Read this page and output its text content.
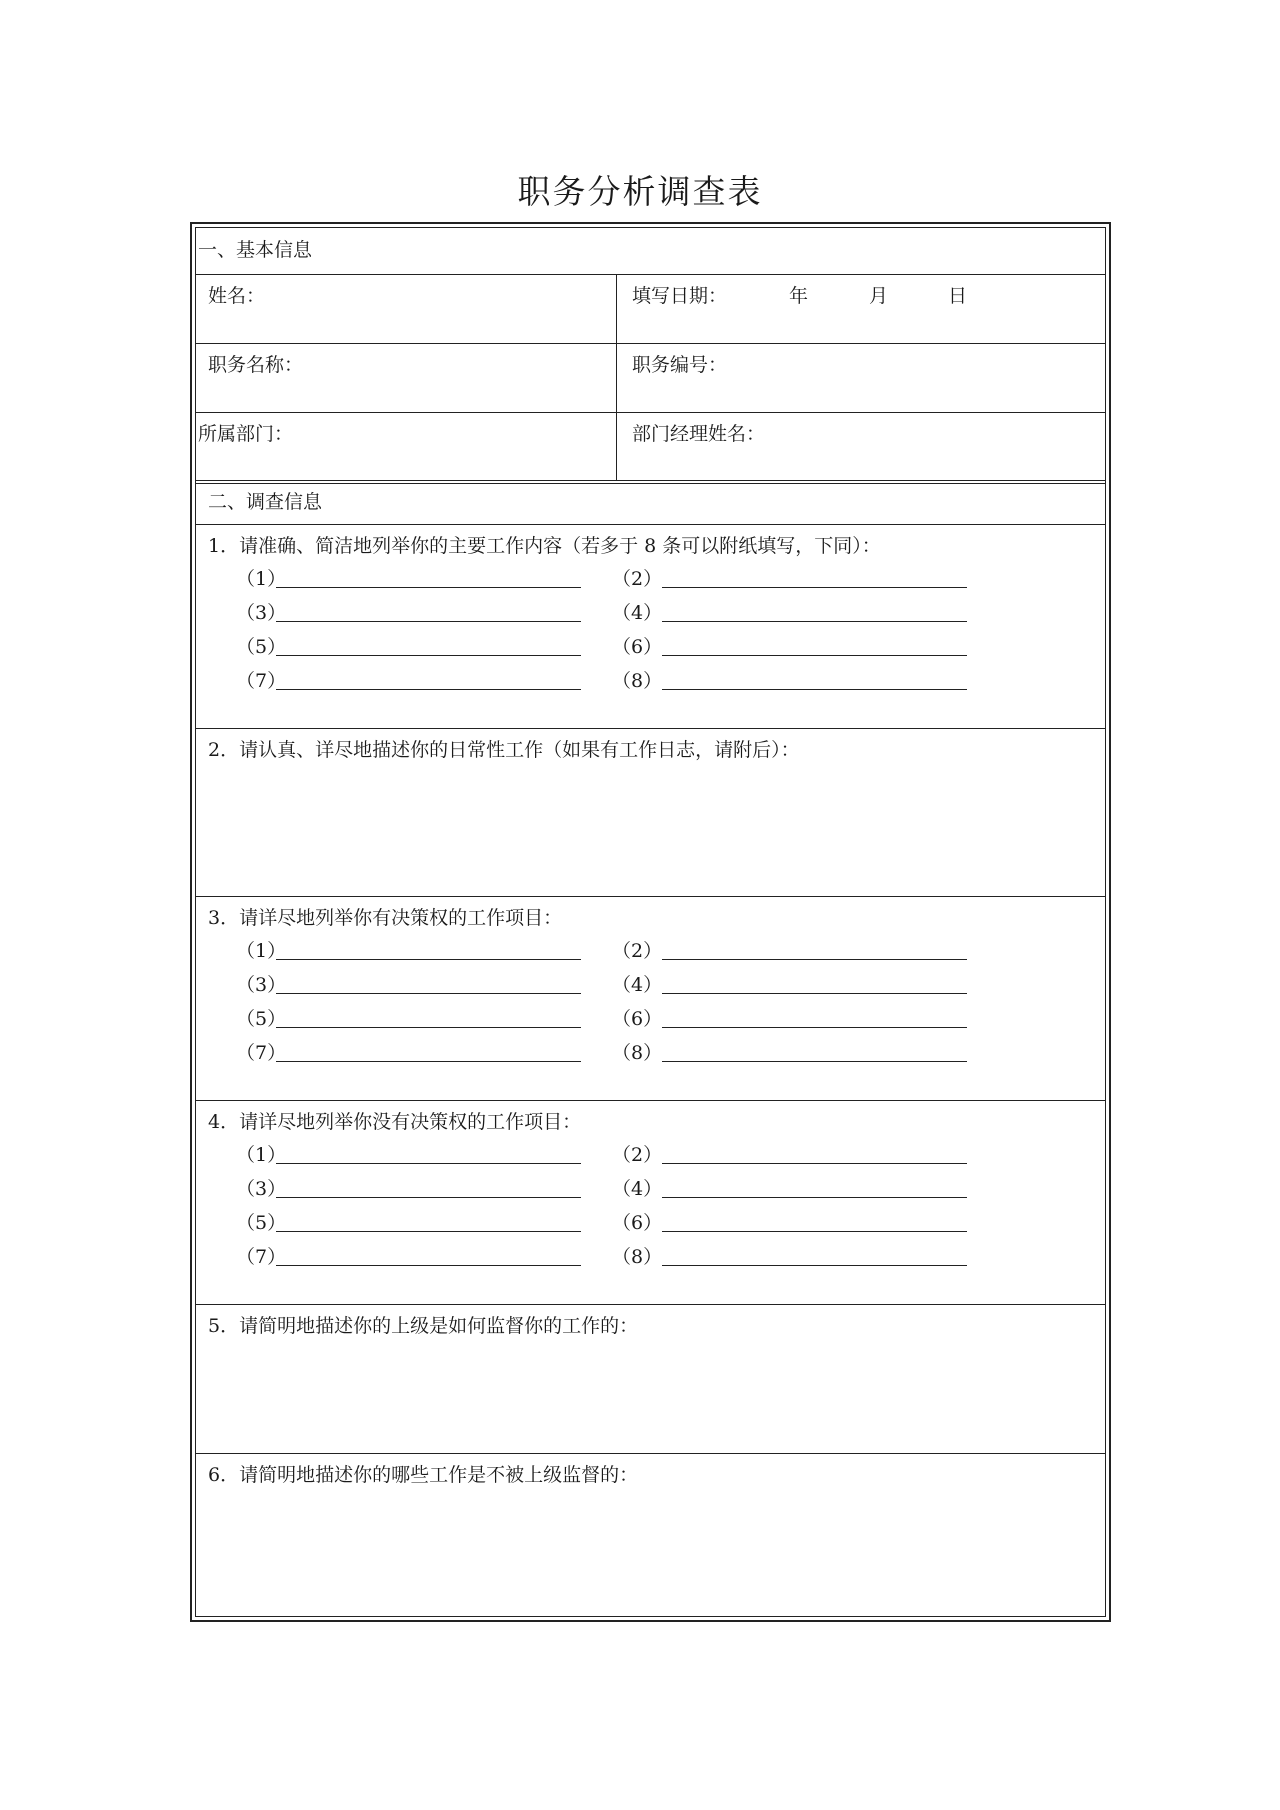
职务分析调查表
一、基本信息
姓名：	填写日期：	年	月	日
职务名称：	职务编号：
所属部门：	部门经理姓名：
二、调查信息
1．请准确、简洁地列举你的主要工作内容（若多于 8 条可以附纸填写，下同）：
（1）	（2）
（3）	（4）
（5）	（6）
（7）	（8）
2．请认真、详尽地描述你的日常性工作（如果有工作日志，请附后）：
3．请详尽地列举你有决策权的工作项目：
（1）	（2）
（3）	（4）
（5）	（6）
（7）	（8）
4．请详尽地列举你没有决策权的工作项目：
（1）	（2）
（3）	（4）
（5）	（6）
（7）	（8）
5．请简明地描述你的上级是如何监督你的工作的：
6．请简明地描述你的哪些工作是不被上级监督的：
